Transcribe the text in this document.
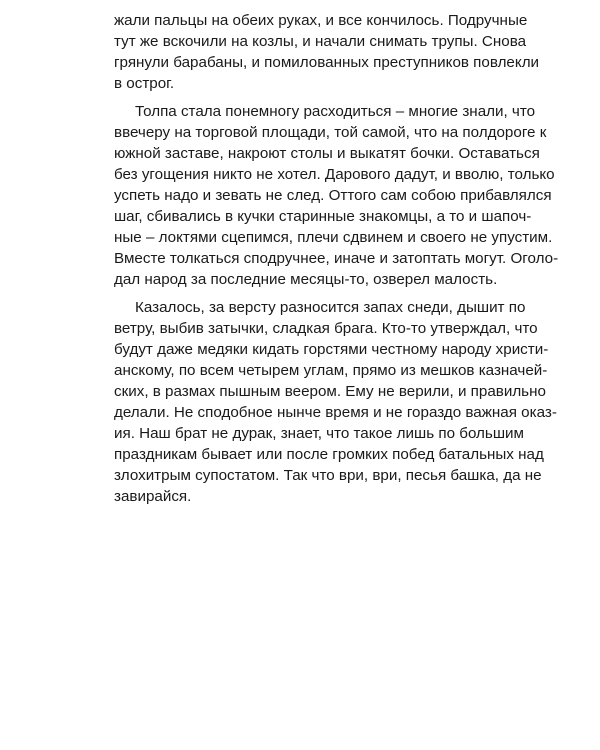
жали пальцы на обеих руках, и все кончилось. Подручные
тут же вскочили на козлы, и начали снимать трупы. Снова
грянули барабаны, и помилованных преступников повлекли
в острог.
Толпа стала понемногу расходиться – многие знали, что
ввечеру на торговой площади, той самой, что на полдороге к
южной заставе, накроют столы и выкатят бочки. Оставаться
без угощения никто не хотел. Дарового дадут, и вволю, только
успеть надо и зевать не след. Оттого сам собою прибавлялся
шаг, сбивались в кучки старинные знакомцы, а то и шапоч-
ные – локтями сцепимся, плечи сдвинем и своего не упустим.
Вместе толкаться сподручнее, иначе и затоптать могут. Оголо-
дал народ за последние месяцы-то, озверел малость.
Казалось, за версту разносится запах снеди, дышит по
ветру, выбив затычки, сладкая брага. Кто-то утверждал, что
будут даже медяки кидать горстями честному народу христи-
анскому, по всем четырем углам, прямо из мешков казначей-
ских, в размах пышным веером. Ему не верили, и правильно
делали. Не сподобное нынче время и не гораздо важная оказ-
ия. Наш брат не дурак, знает, что такое лишь по большим
праздникам бывает или после громких побед батальных над
злохитрым супостатом. Так что ври, ври, песья башка, да не
завирайся.
